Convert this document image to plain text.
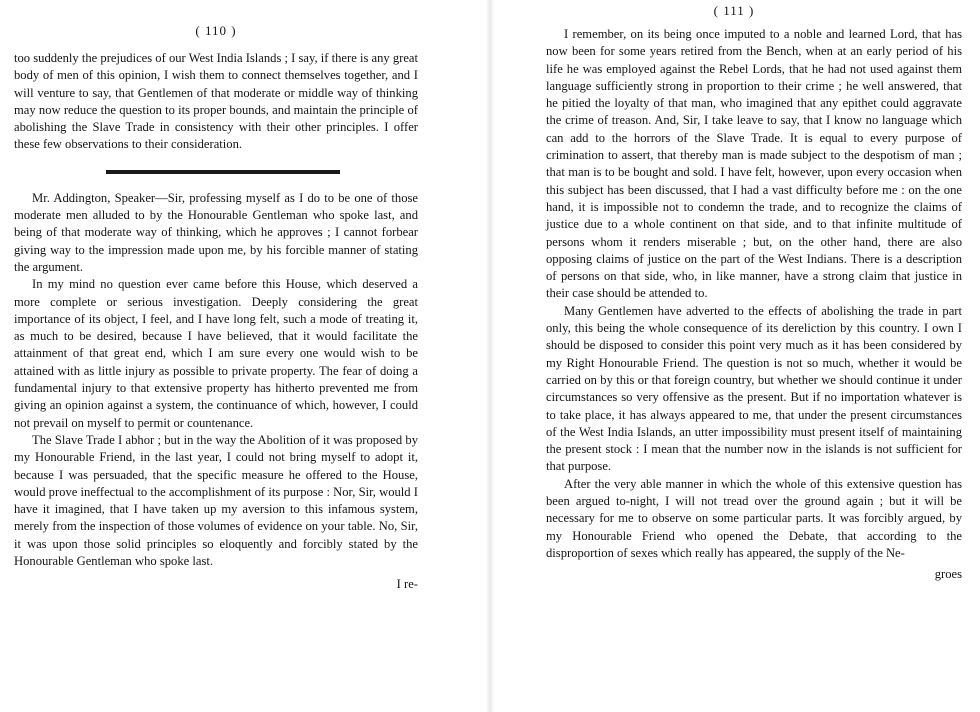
( 110 )

too suddenly the prejudices of our West India Islands ; I say, if there is any great body of men of this opinion, I wish them to connect themselves together, and I will venture to say, that Gentlemen of that moderate or middle way of thinking may now reduce the question to its proper bounds, and maintain the principle of abolishing the Slave Trade in consistency with their other principles. I offer these few observations to their consideration.

Mr. Addington, Speaker—Sir, professing myself as I do to be one of those moderate men alluded to by the Honourable Gentleman who spoke last, and being of that moderate way of thinking, which he approves ; I cannot forbear giving way to the impression made upon me, by his forcible manner of stating the argument.

In my mind no question ever came before this House, which deserved a more complete or serious investigation. Deeply considering the great importance of its object, I feel, and I have long felt, such a mode of treating it, as much to be desired, because I have believed, that it would facilitate the attainment of that great end, which I am sure every one would wish to be attained with as little injury as possible to private property. The fear of doing a fundamental injury to that extensive property has hitherto prevented me from giving an opinion against a system, the continuance of which, however, I could not prevail on myself to permit or countenance.

The Slave Trade I abhor ; but in the way the Abolition of it was proposed by my Honourable Friend, in the last year, I could not bring myself to adopt it, because I was persuaded, that the specific measure he offered to the House, would prove ineffectual to the accomplishment of its purpose : Nor, Sir, would I have it imagined, that I have taken up my aversion to this infamous system, merely from the inspection of those volumes of evidence on your table. No, Sir, it was upon those solid principles so eloquently and forcibly stated by the Honourable Gentleman who spoke last.

I re-
( 111 )

I remember, on its being once imputed to a noble and learned Lord, that has now been for some years retired from the Bench, when at an early period of his life he was employed against the Rebel Lords, that he had not used against them language sufficiently strong in proportion to their crime ; he well answered, that he pitied the loyalty of that man, who imagined that any epithet could aggravate the crime of treason. And, Sir, I take leave to say, that I know no language which can add to the horrors of the Slave Trade. It is equal to every purpose of crimination to assert, that thereby man is made subject to the despotism of man ; that man is to be bought and sold. I have felt, however, upon every occasion when this subject has been discussed, that I had a vast difficulty before me : on the one hand, it is impossible not to condemn the trade, and to recognize the claims of justice due to a whole continent on that side, and to that infinite multitude of persons whom it renders miserable ; but, on the other hand, there are also opposing claims of justice on the part of the West Indians. There is a description of persons on that side, who, in like manner, have a strong claim that justice in their case should be attended to.

Many Gentlemen have adverted to the effects of abolishing the trade in part only, this being the whole consequence of its dereliction by this country. I own I should be disposed to consider this point very much as it has been considered by my Right Honourable Friend. The question is not so much, whether it would be carried on by this or that foreign country, but whether we should continue it under circumstances so very offensive as the present. But if no importation whatever is to take place, it has always appeared to me, that under the present circumstances of the West India Islands, an utter impossibility must present itself of maintaining the present stock : I mean that the number now in the islands is not sufficient for that purpose.

After the very able manner in which the whole of this extensive question has been argued to-night, I will not tread over the ground again ; but it will be necessary for me to observe on some particular parts. It was forcibly argued, by my Honourable Friend who opened the Debate, that according to the disproportion of sexes which really has appeared, the supply of the Ne-

groes
